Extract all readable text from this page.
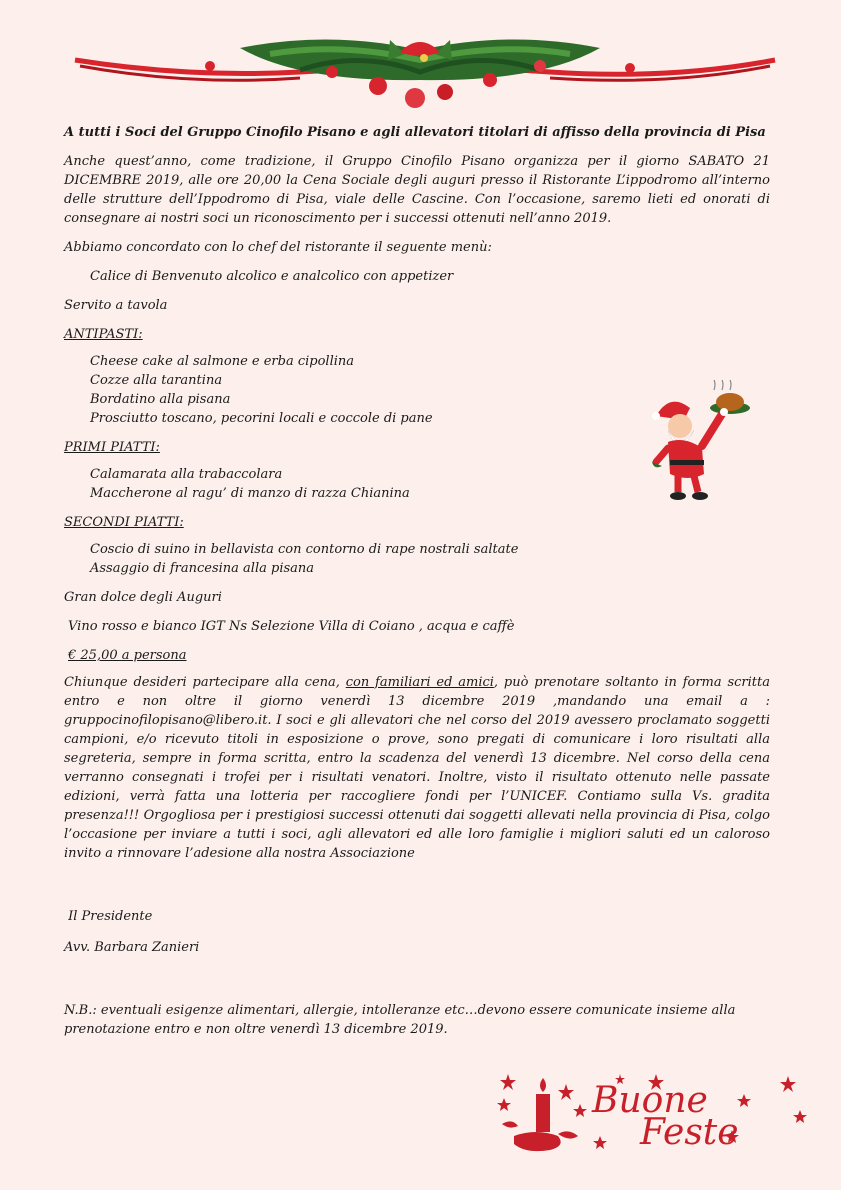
A tutti i Soci del Gruppo Cinofilo Pisano e agli allevatori titolari di affisso della provincia di Pisa

Anche quest’anno, come tradizione, il Gruppo Cinofilo Pisano organizza per il giorno SABATO 21 DICEMBRE 2019, alle ore 20,00 la Cena Sociale degli auguri presso il Ristorante L’ippodromo all’interno delle strutture dell’Ippodromo di Pisa, viale delle Cascine. Con l’occasione, saremo lieti ed onorati di consegnare ai nostri soci un riconoscimento per i successi ottenuti nell’anno 2019.

Abbiamo concordato con lo chef del ristorante il seguente menù:

Calice di Benvenuto alcolico e analcolico con appetizer

Servito a tavola

ANTIPASTI:

Cheese cake al salmone e erba cipollina

Cozze alla tarantina

Bordatino alla pisana

Prosciutto toscano, pecorini locali e coccole di pane

PRIMI PIATTI:

Calamarata alla trabaccolara

Maccherone al ragu’ di manzo di razza Chianina

SECONDI PIATTI:

Coscio di suino in bellavista con contorno di rape nostrali saltate

Assaggio di francesina alla pisana

Gran dolce degli Auguri

Vino rosso e bianco IGT Ns Selezione Villa di Coiano , acqua e caffè

€ 25,00 a persona

Chiunque desideri partecipare alla cena, con familiari ed amici, può prenotare soltanto in forma scritta entro e non oltre il giorno venerdì 13 dicembre 2019 ,mandando una email a : gruppocinofilopisano@libero.it. I soci e gli allevatori che nel corso del 2019 avessero proclamato soggetti campioni, e/o ricevuto titoli in esposizione o prove, sono pregati di comunicare i loro risultati alla segreteria, sempre in forma scritta, entro la scadenza del venerdì 13 dicembre. Nel corso della cena verranno consegnati i trofei per i risultati venatori. Inoltre, visto il risultato ottenuto nelle passate edizioni, verrà fatta una lotteria per raccogliere fondi per l’UNICEF. Contiamo sulla Vs. gradita presenza!!! Orgogliosa per i prestigiosi successi ottenuti dai soggetti allevati nella provincia di Pisa, colgo l’occasione per inviare a tutti i soci, agli allevatori ed alle loro famiglie i migliori saluti ed un caloroso invito a rinnovare l’adesione alla nostra Associazione

Il Presidente

Avv. Barbara Zanieri

N.B.: eventuali esigenze alimentari, allergie, intolleranze etc…devono essere comunicate insieme alla prenotazione entro e non oltre venerdì 13 dicembre 2019.

Buone
Feste
